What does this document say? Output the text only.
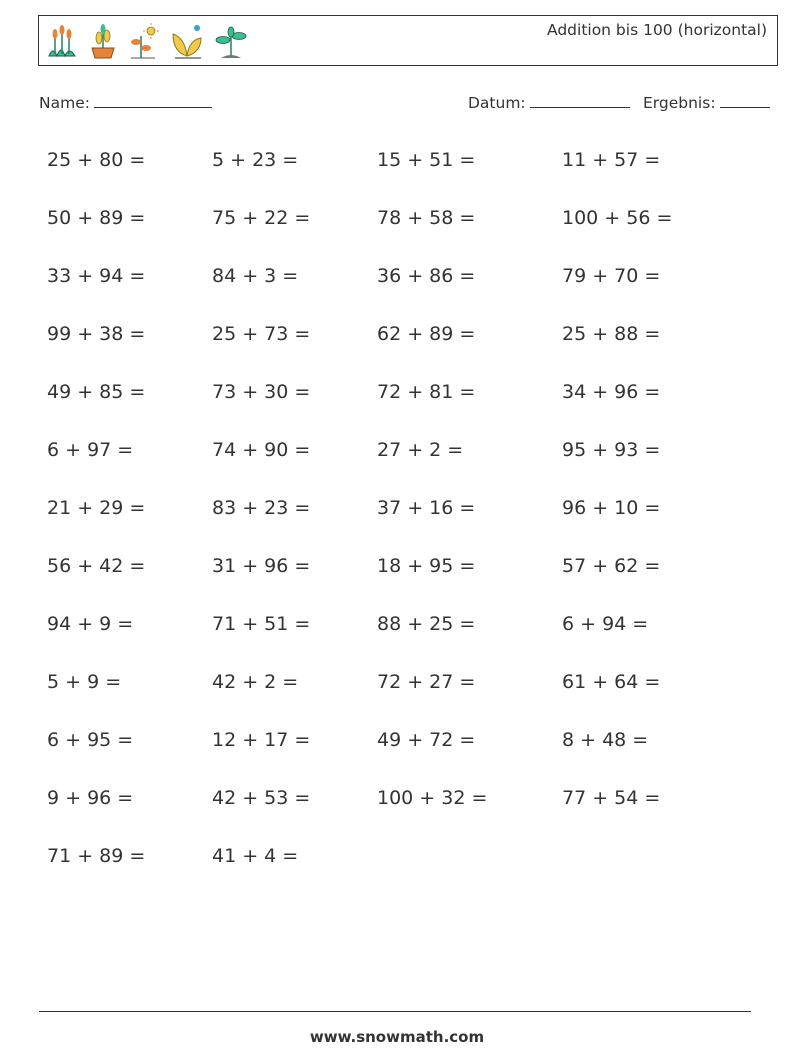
Addition bis 100 (horizontal)
Name:	Datum:	Ergebnis:
25 + 80 =	5 + 23 =	15 + 51 =	11 + 57 =
50 + 89 =	75 + 22 =	78 + 58 =	100 + 56 =
33 + 94 =	84 + 3 =	36 + 86 =	79 + 70 =
99 + 38 =	25 + 73 =	62 + 89 =	25 + 88 =
49 + 85 =	73 + 30 =	72 + 81 =	34 + 96 =
6 + 97 =	74 + 90 =	27 + 2 =	95 + 93 =
21 + 29 =	83 + 23 =	37 + 16 =	96 + 10 =
56 + 42 =	31 + 96 =	18 + 95 =	57 + 62 =
94 + 9 =	71 + 51 =	88 + 25 =	6 + 94 =
5 + 9 =	42 + 2 =	72 + 27 =	61 + 64 =
6 + 95 =	12 + 17 =	49 + 72 =	8 + 48 =
9 + 96 =	42 + 53 =	100 + 32 =	77 + 54 =
71 + 89 =	41 + 4 =
www.snowmath.com
